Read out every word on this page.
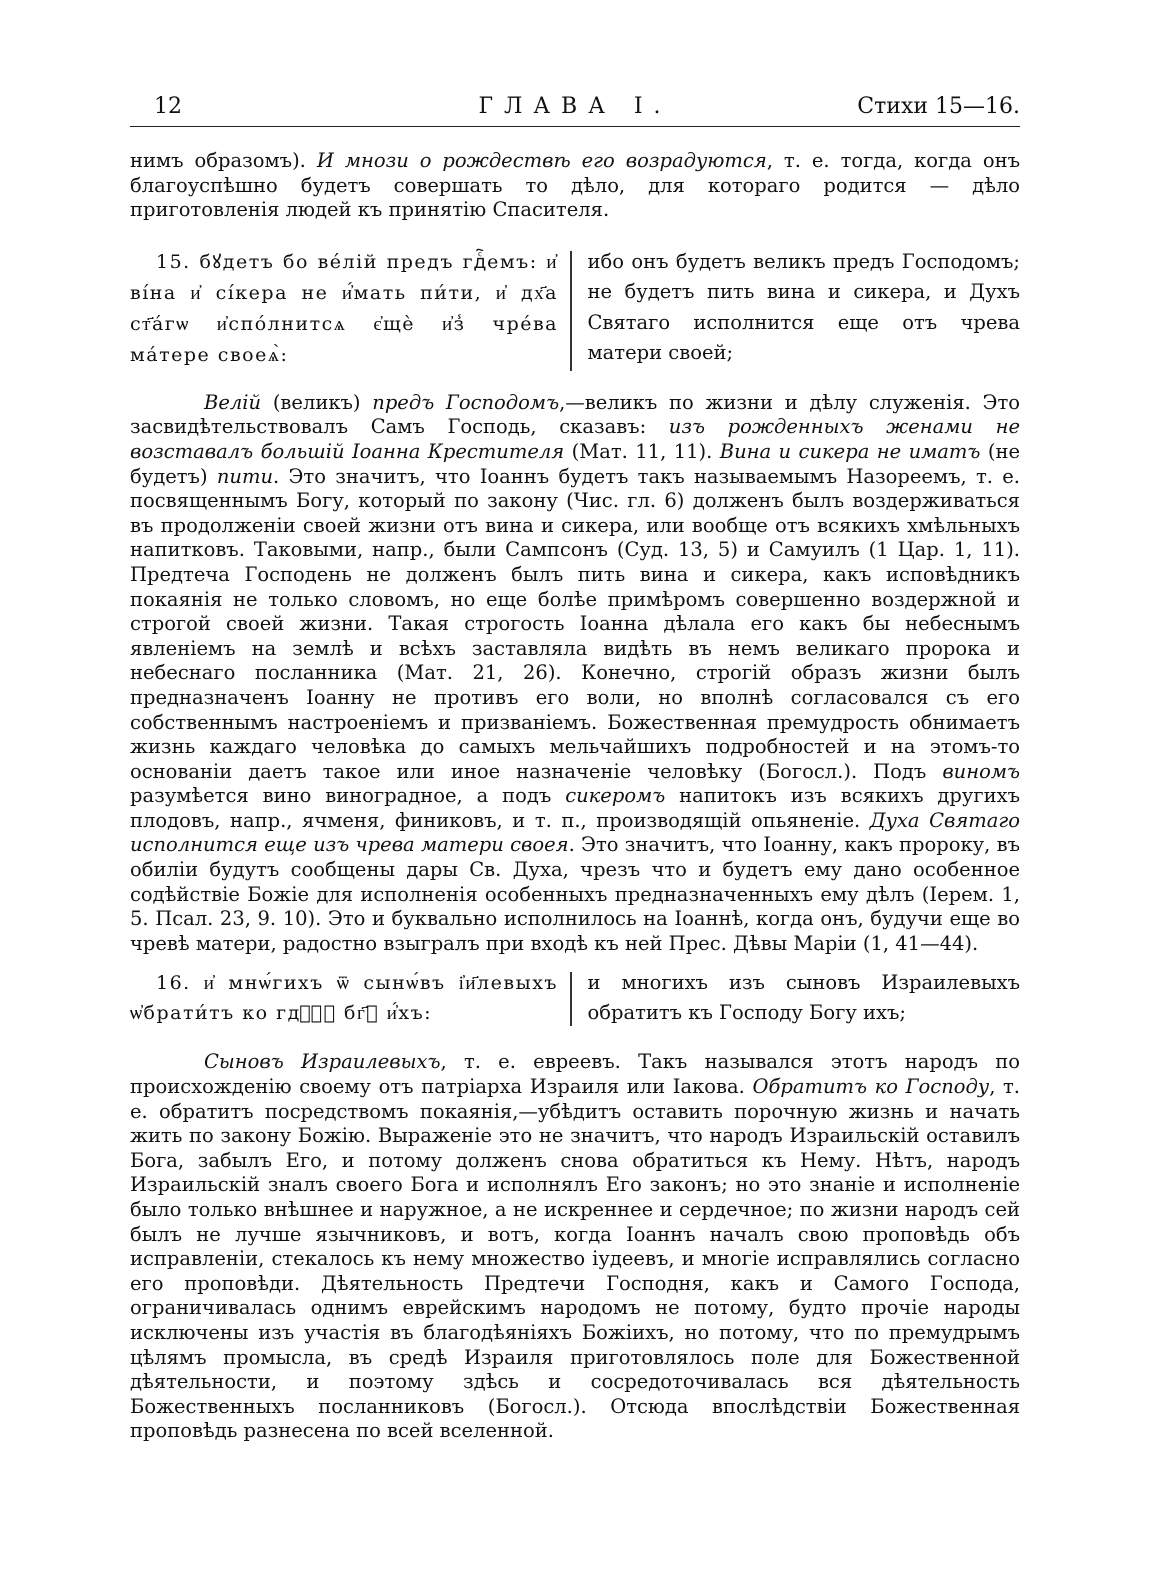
12	ГЛАВА I.	Стихи 15—16.

нимъ образомъ). И мнози о рождествѣ его возрадуются, т. е. тогда, когда онъ благоуспѣшно будетъ совершать то дѣло, для котораго родится — дѣло приготовленія людей къ принятію Спасителя.

15. бꙋдетъ бо ве́лій предъ гдⷭ҇емъ: и҆ ві́на и҆ сі́кера не и҆́мать пи́ти, и҆ дх҃а ст҃а́гѡ и҆спо́лнитсѧ є҆щѐ и҆з̾ чре́ва ма́тере своеѧ̀:
ибо онъ будетъ великъ предъ Господомъ; не будетъ пить вина и сикера, и Духъ Святаго исполнится еще отъ чрева матери своей;

Велій (великъ) предъ Господомъ,—великъ по жизни и дѣлу служенія. Это засвидѣтельствовалъ Самъ Господь, сказавъ: изъ рожденныхъ женами не возставалъ большій Іоанна Крестителя (Мат. 11, 11). Вина и сикера не иматъ (не будетъ) пити. Это значитъ, что Іоаннъ будетъ такъ называемымъ Назореемъ, т. е. посвященнымъ Богу, который по закону (Чис. гл. 6) долженъ былъ воздерживаться въ продолженіи своей жизни отъ вина и сикера, или вообще отъ всякихъ хмѣльныхъ напитковъ. Таковыми, напр., были Сампсонъ (Суд. 13, 5) и Самуилъ (1 Цар. 1, 11). Предтеча Господень не долженъ былъ пить вина и сикера, какъ исповѣдникъ покаянія не только словомъ, но еще болѣе примѣромъ совершенно воздержной и строгой своей жизни. Такая строгость Іоанна дѣлала его какъ бы небеснымъ явленіемъ на землѣ и всѣхъ заставляла видѣть въ немъ великаго пророка и небеснаго посланника (Мат. 21, 26). Конечно, строгій образъ жизни былъ предназначенъ Іоанну не противъ его воли, но вполнѣ согласовался съ его собственнымъ настроеніемъ и призваніемъ. Божественная премудрость обнимаетъ жизнь каждаго человѣка до самыхъ мельчайшихъ подробностей и на этомъ-то основаніи даетъ такое или иное назначеніе человѣку (Богосл.). Подъ виномъ разумѣется вино виноградное, а подъ сикеромъ напитокъ изъ всякихъ другихъ плодовъ, напр., ячменя, финиковъ, и т. п., производящій опьяненіе. Духа Святаго исполнится еще изъ чрева матери своея. Это значитъ, что Іоанну, какъ пророку, въ обиліи будутъ сообщены дары Св. Духа, чрезъ что и будетъ ему дано особенное содѣйствіе Божіе для исполненія особенныхъ предназначенныхъ ему дѣлъ (Іерем. 1, 5. Псал. 23, 9. 10). Это и буквально исполнилось на Іоаннѣ, когда онъ, будучи еще во чревѣ матери, радостно взыгралъ при входѣ къ ней Прес. Дѣвы Маріи (1, 41—44).

16. и҆ мнѡ́гихъ ѿ сынѡ́въ і҆и҃левыхъ ѡ҆брати́тъ ко гдⷭ҇ꙋ бг҃ꙋ и҆́хъ:
и многихъ изъ сыновъ Израилевыхъ обратитъ къ Господу Богу ихъ;

Сыновъ Израилевыхъ, т. е. евреевъ. Такъ назывался этотъ народъ по происхожденію своему отъ патріарха Израиля или Іакова. Обратитъ ко Господу, т. е. обратитъ посредствомъ покаянія,—убѣдитъ оставить порочную жизнь и начать жить по закону Божію. Выраженіе это не значитъ, что народъ Израильскій оставилъ Бога, забылъ Его, и потому долженъ снова обратиться къ Нему. Нѣтъ, народъ Израильскій зналъ своего Бога и исполнялъ Его законъ; но это знаніе и исполненіе было только внѣшнее и наружное, а не искреннее и сердечное; по жизни народъ сей былъ не лучше язычниковъ, и вотъ, когда Іоаннъ началъ свою проповѣдь объ исправленіи, стекалось къ нему множество іудеевъ, и многіе исправлялись согласно его проповѣди. Дѣятельность Предтечи Господня, какъ и Самого Господа, ограничивалась однимъ еврейскимъ народомъ не потому, будто прочіе народы исключены изъ участія въ благодѣяніяхъ Божіихъ, но потому, что по премудрымъ цѣлямъ промысла, въ средѣ Израиля приготовлялось поле для Божественной дѣятельности, и поэтому здѣсь и сосредоточивалась вся дѣятельность Божественныхъ посланниковъ (Богосл.). Отсюда впослѣдствіи Божественная проповѣдь разнесена по всей вселенной.
